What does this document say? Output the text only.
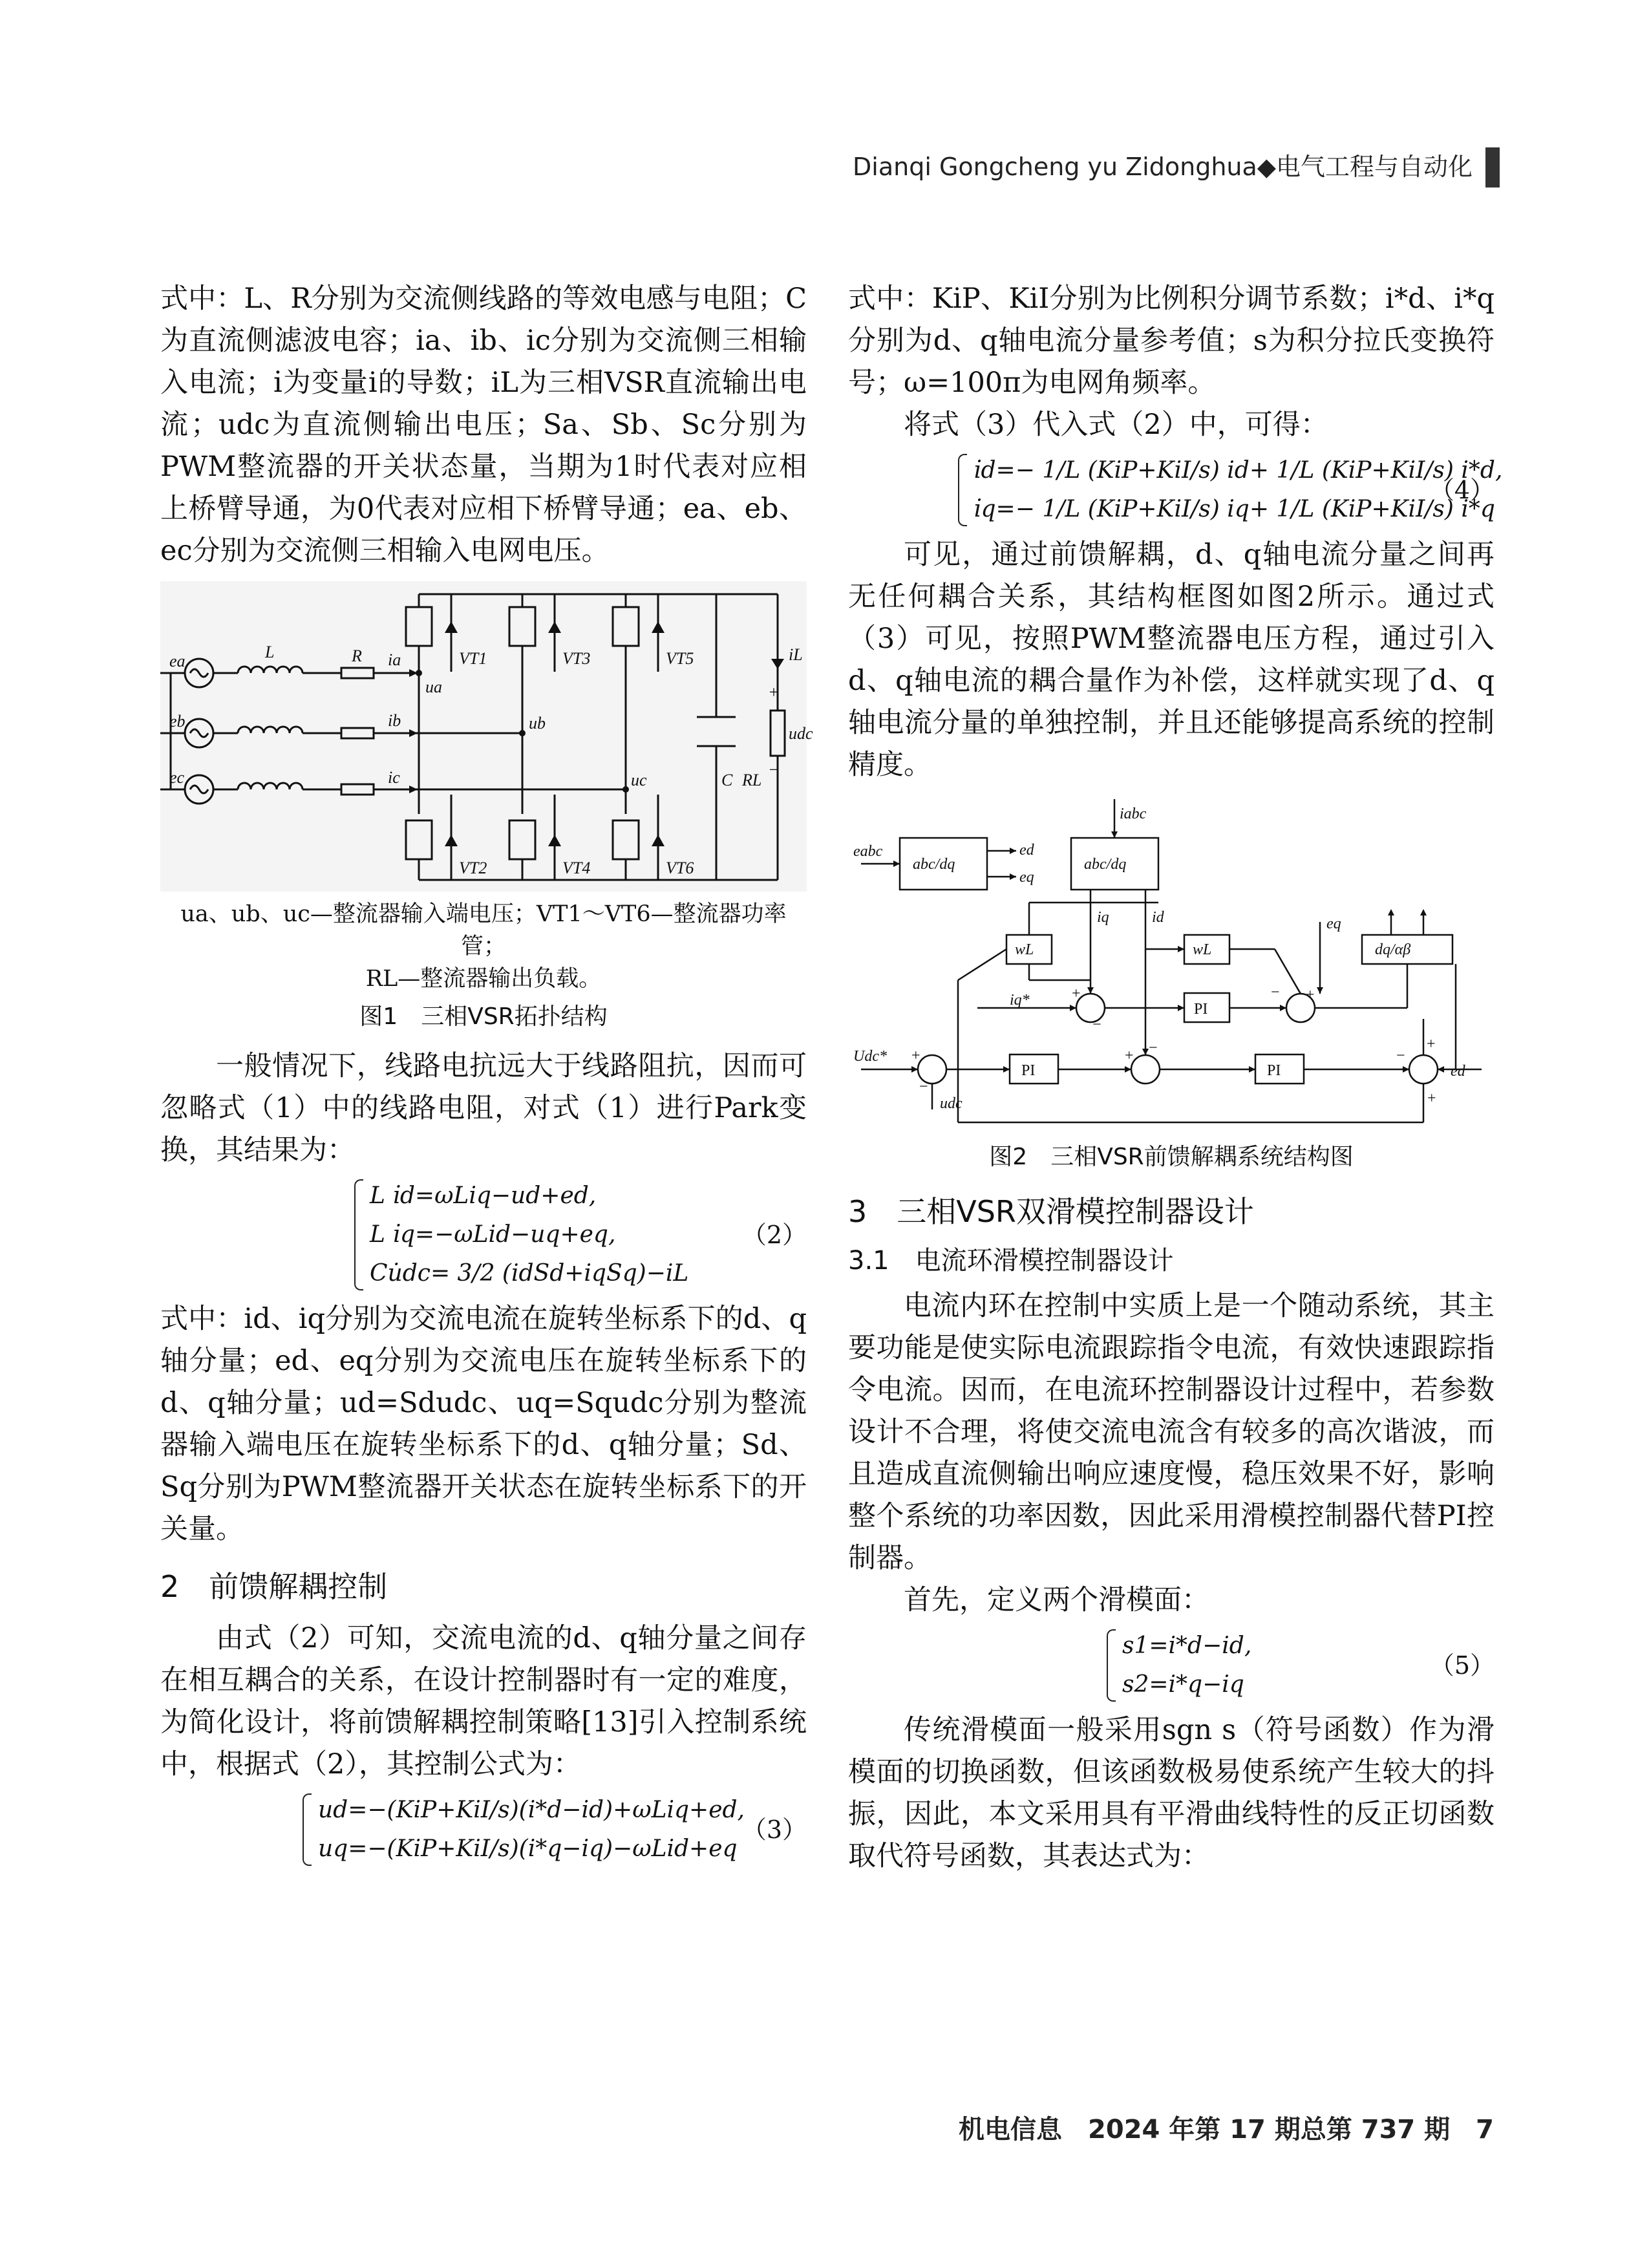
Dianqi Gongcheng yu Zidonghua◆电气工程与自动化

式中：L、R分别为交流侧线路的等效电感与电阻；C为直流侧滤波电容；ia、ib、ic分别为交流侧三相输入电流；i̇为变量i的导数；iL为三相VSR直流输出电流；udc为直流侧输出电压；Sa、Sb、Sc分别为PWM整流器的开关状态量，当期为1时代表对应相上桥臂导通，为0代表对应相下桥臂导通；ea、eb、ec分别为交流侧三相输入电网电压。

ea
eb
ec
L	R ia
ib
ic
ua
ub
uc
VT1	VT3	VT5
VT2	VT4	VT6
C RL
iL
udc
+
−

ua、ub、uc—整流器输入端电压；VT1～VT6—整流器功率管；

RL—整流器输出负载。

图1　三相VSR拓扑结构

一般情况下，线路电抗远大于线路阻抗，因而可忽略式（1）中的线路电阻，对式（1）进行Park变换，其结果为：

L i̇d=ωLiq−ud+ed,
L i̇q=−ωLid−uq+eq,
Cu̇dc= 3/2 (idSd+iqSq)−iL
（2）

式中：id、iq分别为交流电流在旋转坐标系下的d、q轴分量；ed、eq分别为交流电压在旋转坐标系下的d、q轴分量；ud=Sdudc、uq=Squdc分别为整流器输入端电压在旋转坐标系下的d、q轴分量；Sd、Sq分别为PWM整流器开关状态在旋转坐标系下的开关量。

2　前馈解耦控制

由式（2）可知，交流电流的d、q轴分量之间存在相互耦合的关系，在设计控制器时有一定的难度，为简化设计，将前馈解耦控制策略[13]引入控制系统中，根据式（2），其控制公式为：

ud=−(KiP+KiI/s)(i*d−id)+ωLiq+ed,
uq=−(KiP+KiI/s)(i*q−iq)−ωLid+eq
（3）

式中：KiP、KiI分别为比例积分调节系数；i*d、i*q分别为d、q轴电流分量参考值；s为积分拉氏变换符号；ω=100π为电网角频率。

将式（3）代入式（2）中，可得：

i̇d=− 1/L (KiP+KiI/s) id+ 1/L (KiP+KiI/s) i*d,
i̇q=− 1/L (KiP+KiI/s) iq+ 1/L (KiP+KiI/s) i*q
（4）

可见，通过前馈解耦，d、q轴电流分量之间再无任何耦合关系，其结构框图如图2所示。通过式（3）可见，按照PWM整流器电压方程，通过引入d、q轴电流的耦合量作为补偿，这样就实现了d、q轴电流分量的单独控制，并且还能够提高系统的控制精度。

eabc
abc/dq	abc/dq
ed
eq
iabc
iq	id
wL	wL
eq
dq/αβ
iq*
Udc*
udc
ed
PI
PI	PI
+
−
+
−
+
−
+ −	−
+
+

图2　三相VSR前馈解耦系统结构图

3　三相VSR双滑模控制器设计
3.1　电流环滑模控制器设计

电流内环在控制中实质上是一个随动系统，其主要功能是使实际电流跟踪指令电流，有效快速跟踪指令电流。因而，在电流环控制器设计过程中，若参数设计不合理，将使交流电流含有较多的高次谐波，而且造成直流侧输出响应速度慢，稳压效果不好，影响整个系统的功率因数，因此采用滑模控制器代替PI控制器。

首先，定义两个滑模面：

s1=i*d−id,
s2=i*q−iq
（5）

传统滑模面一般采用sgn s（符号函数）作为滑模面的切换函数，但该函数极易使系统产生较大的抖振，因此，本文采用具有平滑曲线特性的反正切函数取代符号函数，其表达式为：

机电信息　2024 年第 17 期总第 737 期　7
